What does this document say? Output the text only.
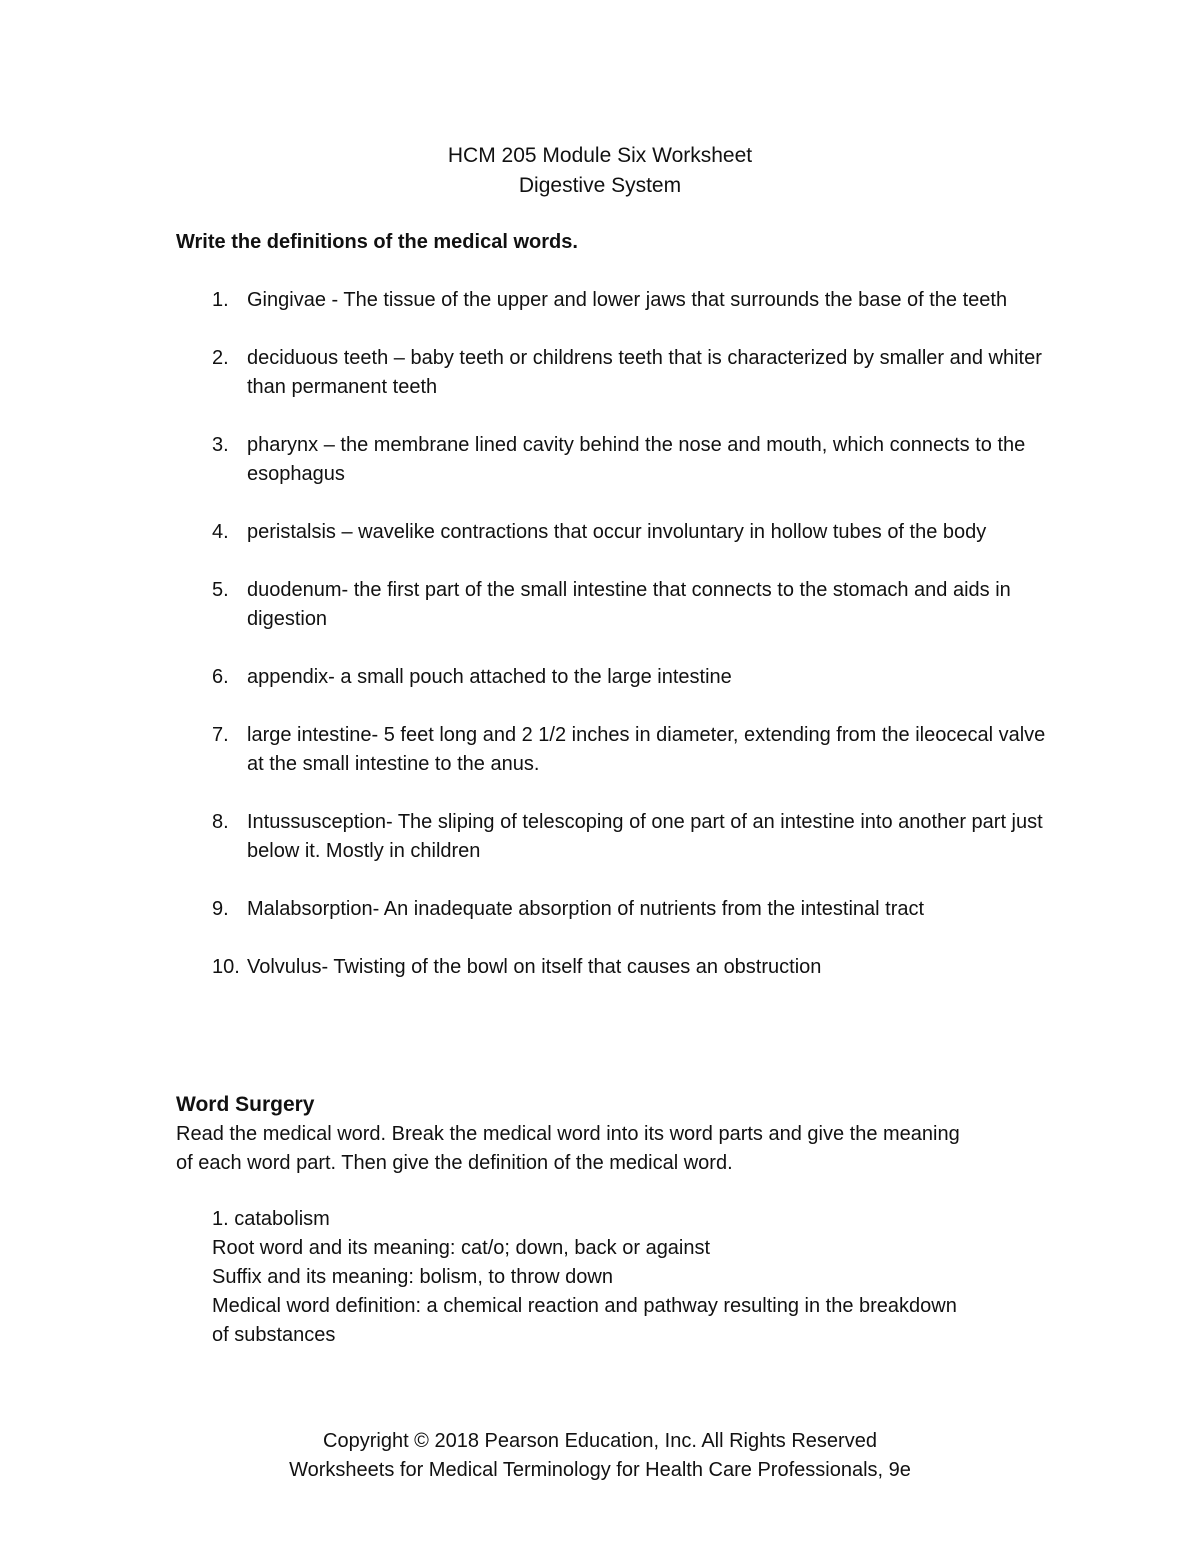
HCM 205 Module Six Worksheet
Digestive System
Write the definitions of the medical words.
1. Gingivae - The tissue of the upper and lower jaws that surrounds the base of the teeth
2. deciduous teeth – baby teeth or childrens teeth that is characterized by smaller and whiter than permanent teeth
3. pharynx – the membrane lined cavity behind the nose and mouth, which connects to the esophagus
4. peristalsis – wavelike contractions that occur involuntary in hollow tubes of the body
5. duodenum- the first part of the small intestine that connects to the stomach and aids in digestion
6. appendix- a small pouch attached to the large intestine
7. large intestine- 5 feet long and 2 1/2 inches in diameter, extending from the ileocecal valve at the small intestine to the anus.
8. Intussusception- The sliping of telescoping of one part of an intestine into another part just below it. Mostly in children
9. Malabsorption- An inadequate absorption of nutrients from the intestinal tract
10. Volvulus- Twisting of the bowl on itself that causes an obstruction
Word Surgery
Read the medical word. Break the medical word into its word parts and give the meaning of each word part. Then give the definition of the medical word.
1. catabolism
Root word and its meaning: cat/o; down, back or against
Suffix and its meaning: bolism, to throw down
Medical word definition: a chemical reaction and pathway resulting in the breakdown of substances
Copyright © 2018 Pearson Education, Inc. All Rights Reserved
Worksheets for Medical Terminology for Health Care Professionals, 9e
